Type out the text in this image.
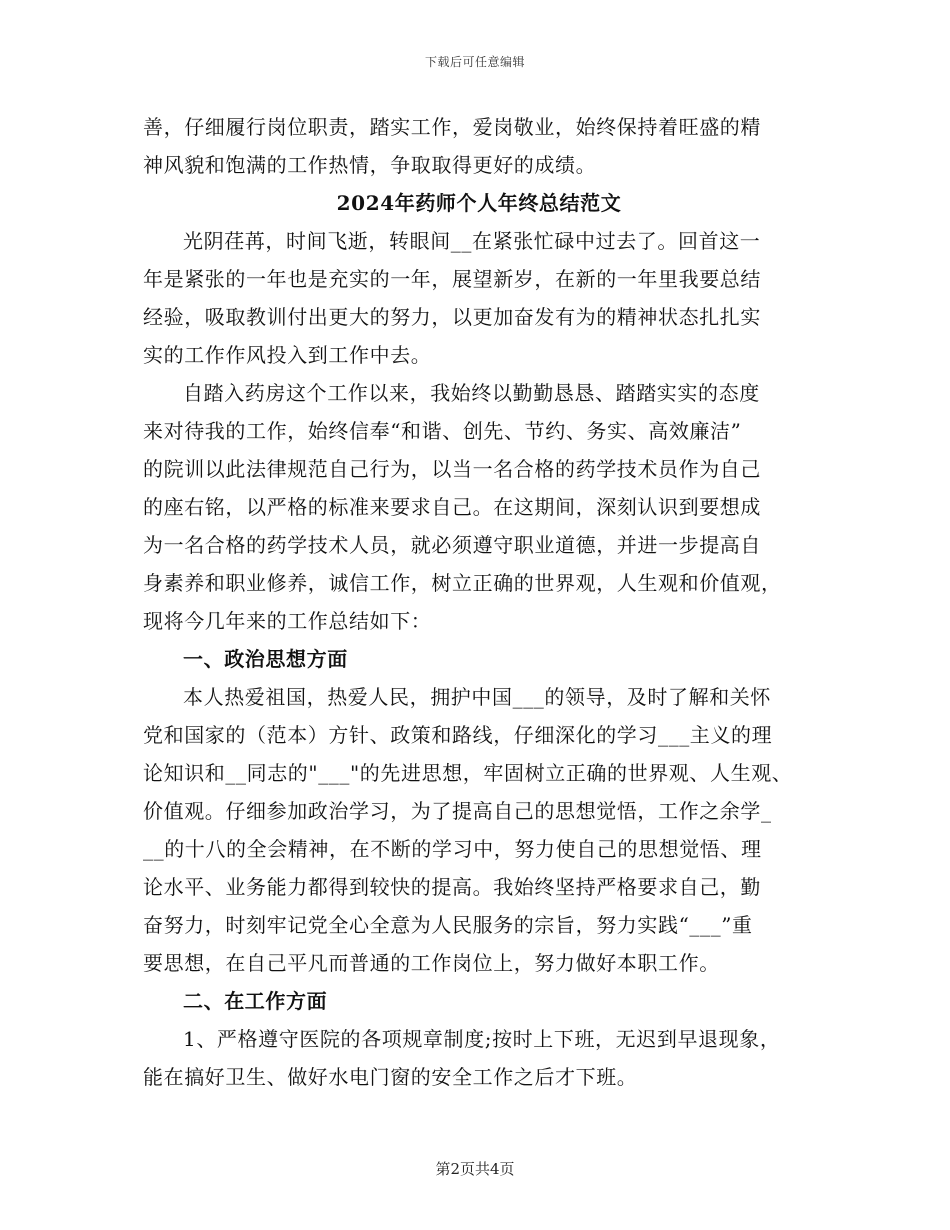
下载后可任意编辑
善，仔细履行岗位职责，踏实工作，爱岗敬业，始终保持着旺盛的精
神风貌和饱满的工作热情，争取取得更好的成绩。
2024年药师个人年终总结范文
光阴荏苒，时间飞逝，转眼间__在紧张忙碌中过去了。回首这一
年是紧张的一年也是充实的一年，展望新岁，在新的一年里我要总结
经验，吸取教训付出更大的努力，以更加奋发有为的精神状态扎扎实
实的工作作风投入到工作中去。
自踏入药房这个工作以来，我始终以勤勤恳恳、踏踏实实的态度
来对待我的工作，始终信奉“和谐、创先、节约、务实、高效廉洁”
的院训以此法律规范自己行为，以当一名合格的药学技术员作为自己
的座右铭，以严格的标准来要求自己。在这期间，深刻认识到要想成
为一名合格的药学技术人员，就必须遵守职业道德，并进一步提高自
身素养和职业修养，诚信工作，树立正确的世界观，人生观和价值观，
现将今几年来的工作总结如下：
一、政治思想方面
本人热爱祖国，热爱人民，拥护中国___的领导，及时了解和关怀
党和国家的（范本）方针、政策和路线，仔细深化的学习___主义的理
论知识和__同志的"___"的先进思想，牢固树立正确的世界观、人生观、
价值观。仔细参加政治学习，为了提高自己的思想觉悟，工作之余学_
__的十八的全会精神，在不断的学习中，努力使自己的思想觉悟、理
论水平、业务能力都得到较快的提高。我始终坚持严格要求自己，勤
奋努力，时刻牢记党全心全意为人民服务的宗旨，努力实践“___”重
要思想，在自己平凡而普通的工作岗位上，努力做好本职工作。
二、在工作方面
1、严格遵守医院的各项规章制度;按时上下班，无迟到早退现象，
能在搞好卫生、做好水电门窗的安全工作之后才下班。
第2页共4页
